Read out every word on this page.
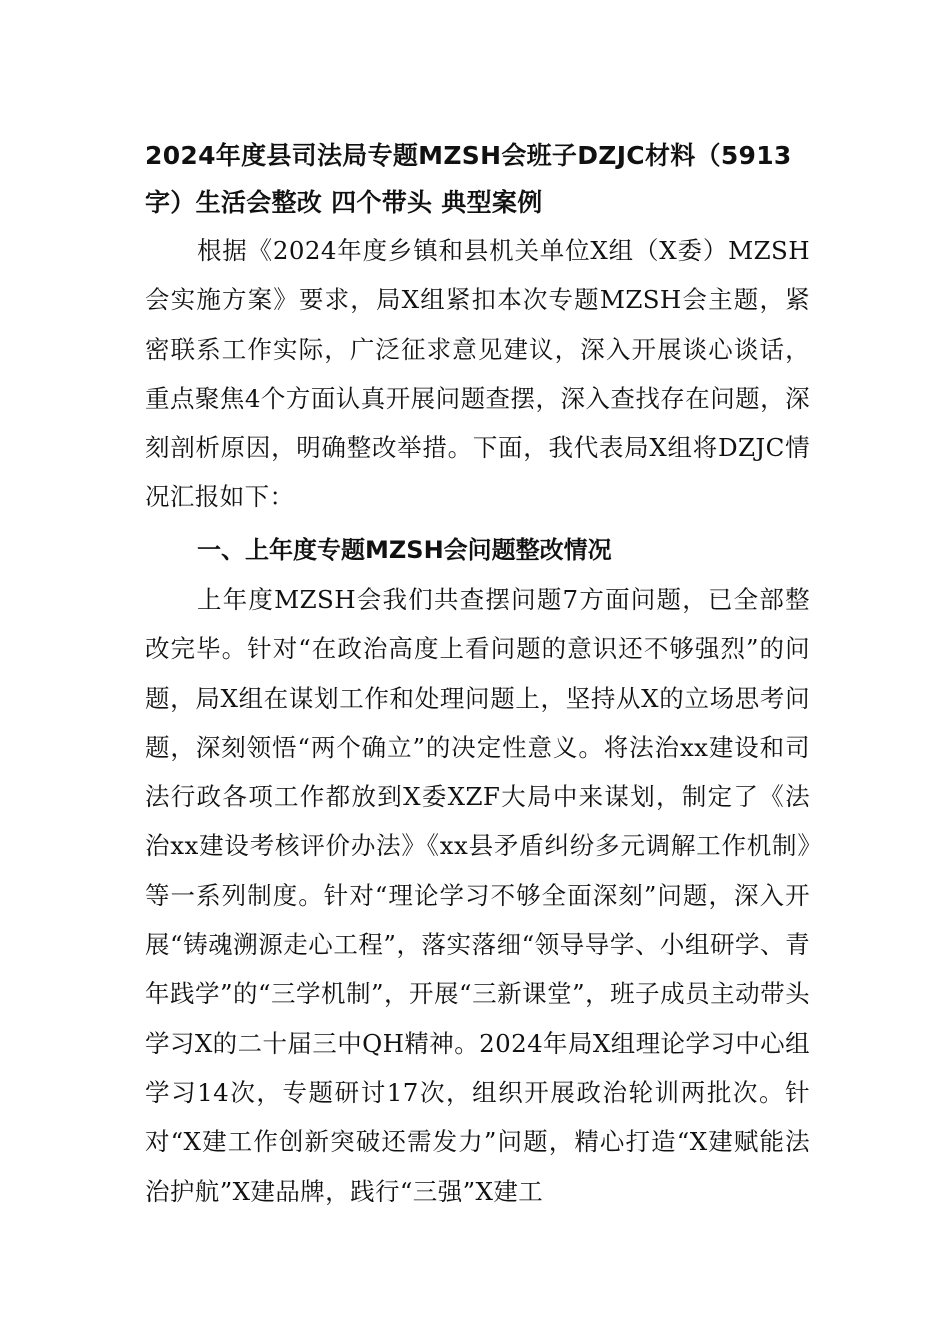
2024年度县司法局专题MZSH会班子DZJC材料（5913字）生活会整改 四个带头 典型案例

根据《2024年度乡镇和县机关单位X组（X委）MZSH会实施方案》要求，局X组紧扣本次专题MZSH会主题，紧密联系工作实际，广泛征求意见建议，深入开展谈心谈话，重点聚焦4个方面认真开展问题查摆，深入查找存在问题，深刻剖析原因，明确整改举措。下面，我代表局X组将DZJC情况汇报如下：

一、上年度专题MZSH会问题整改情况

上年度MZSH会我们共查摆问题7方面问题，已全部整改完毕。针对“在政治高度上看问题的意识还不够强烈”的问题，局X组在谋划工作和处理问题上，坚持从X的立场思考问题，深刻领悟“两个确立”的决定性意义。将法治xx建设和司法行政各项工作都放到X委XZF大局中来谋划，制定了《法治xx建设考核评价办法》《xx县矛盾纠纷多元调解工作机制》等一系列制度。针对“理论学习不够全面深刻”问题，深入开展“铸魂溯源走心工程”，落实落细“领导导学、小组研学、青年践学”的“三学机制”，开展“三新课堂”，班子成员主动带头学习X的二十届三中QH精神。2024年局X组理论学习中心组学习14次，专题研讨17次，组织开展政治轮训两批次。针对“X建工作创新突破还需发力”问题，精心打造“X建赋能法治护航”X建品牌，践行“三强”X建工
